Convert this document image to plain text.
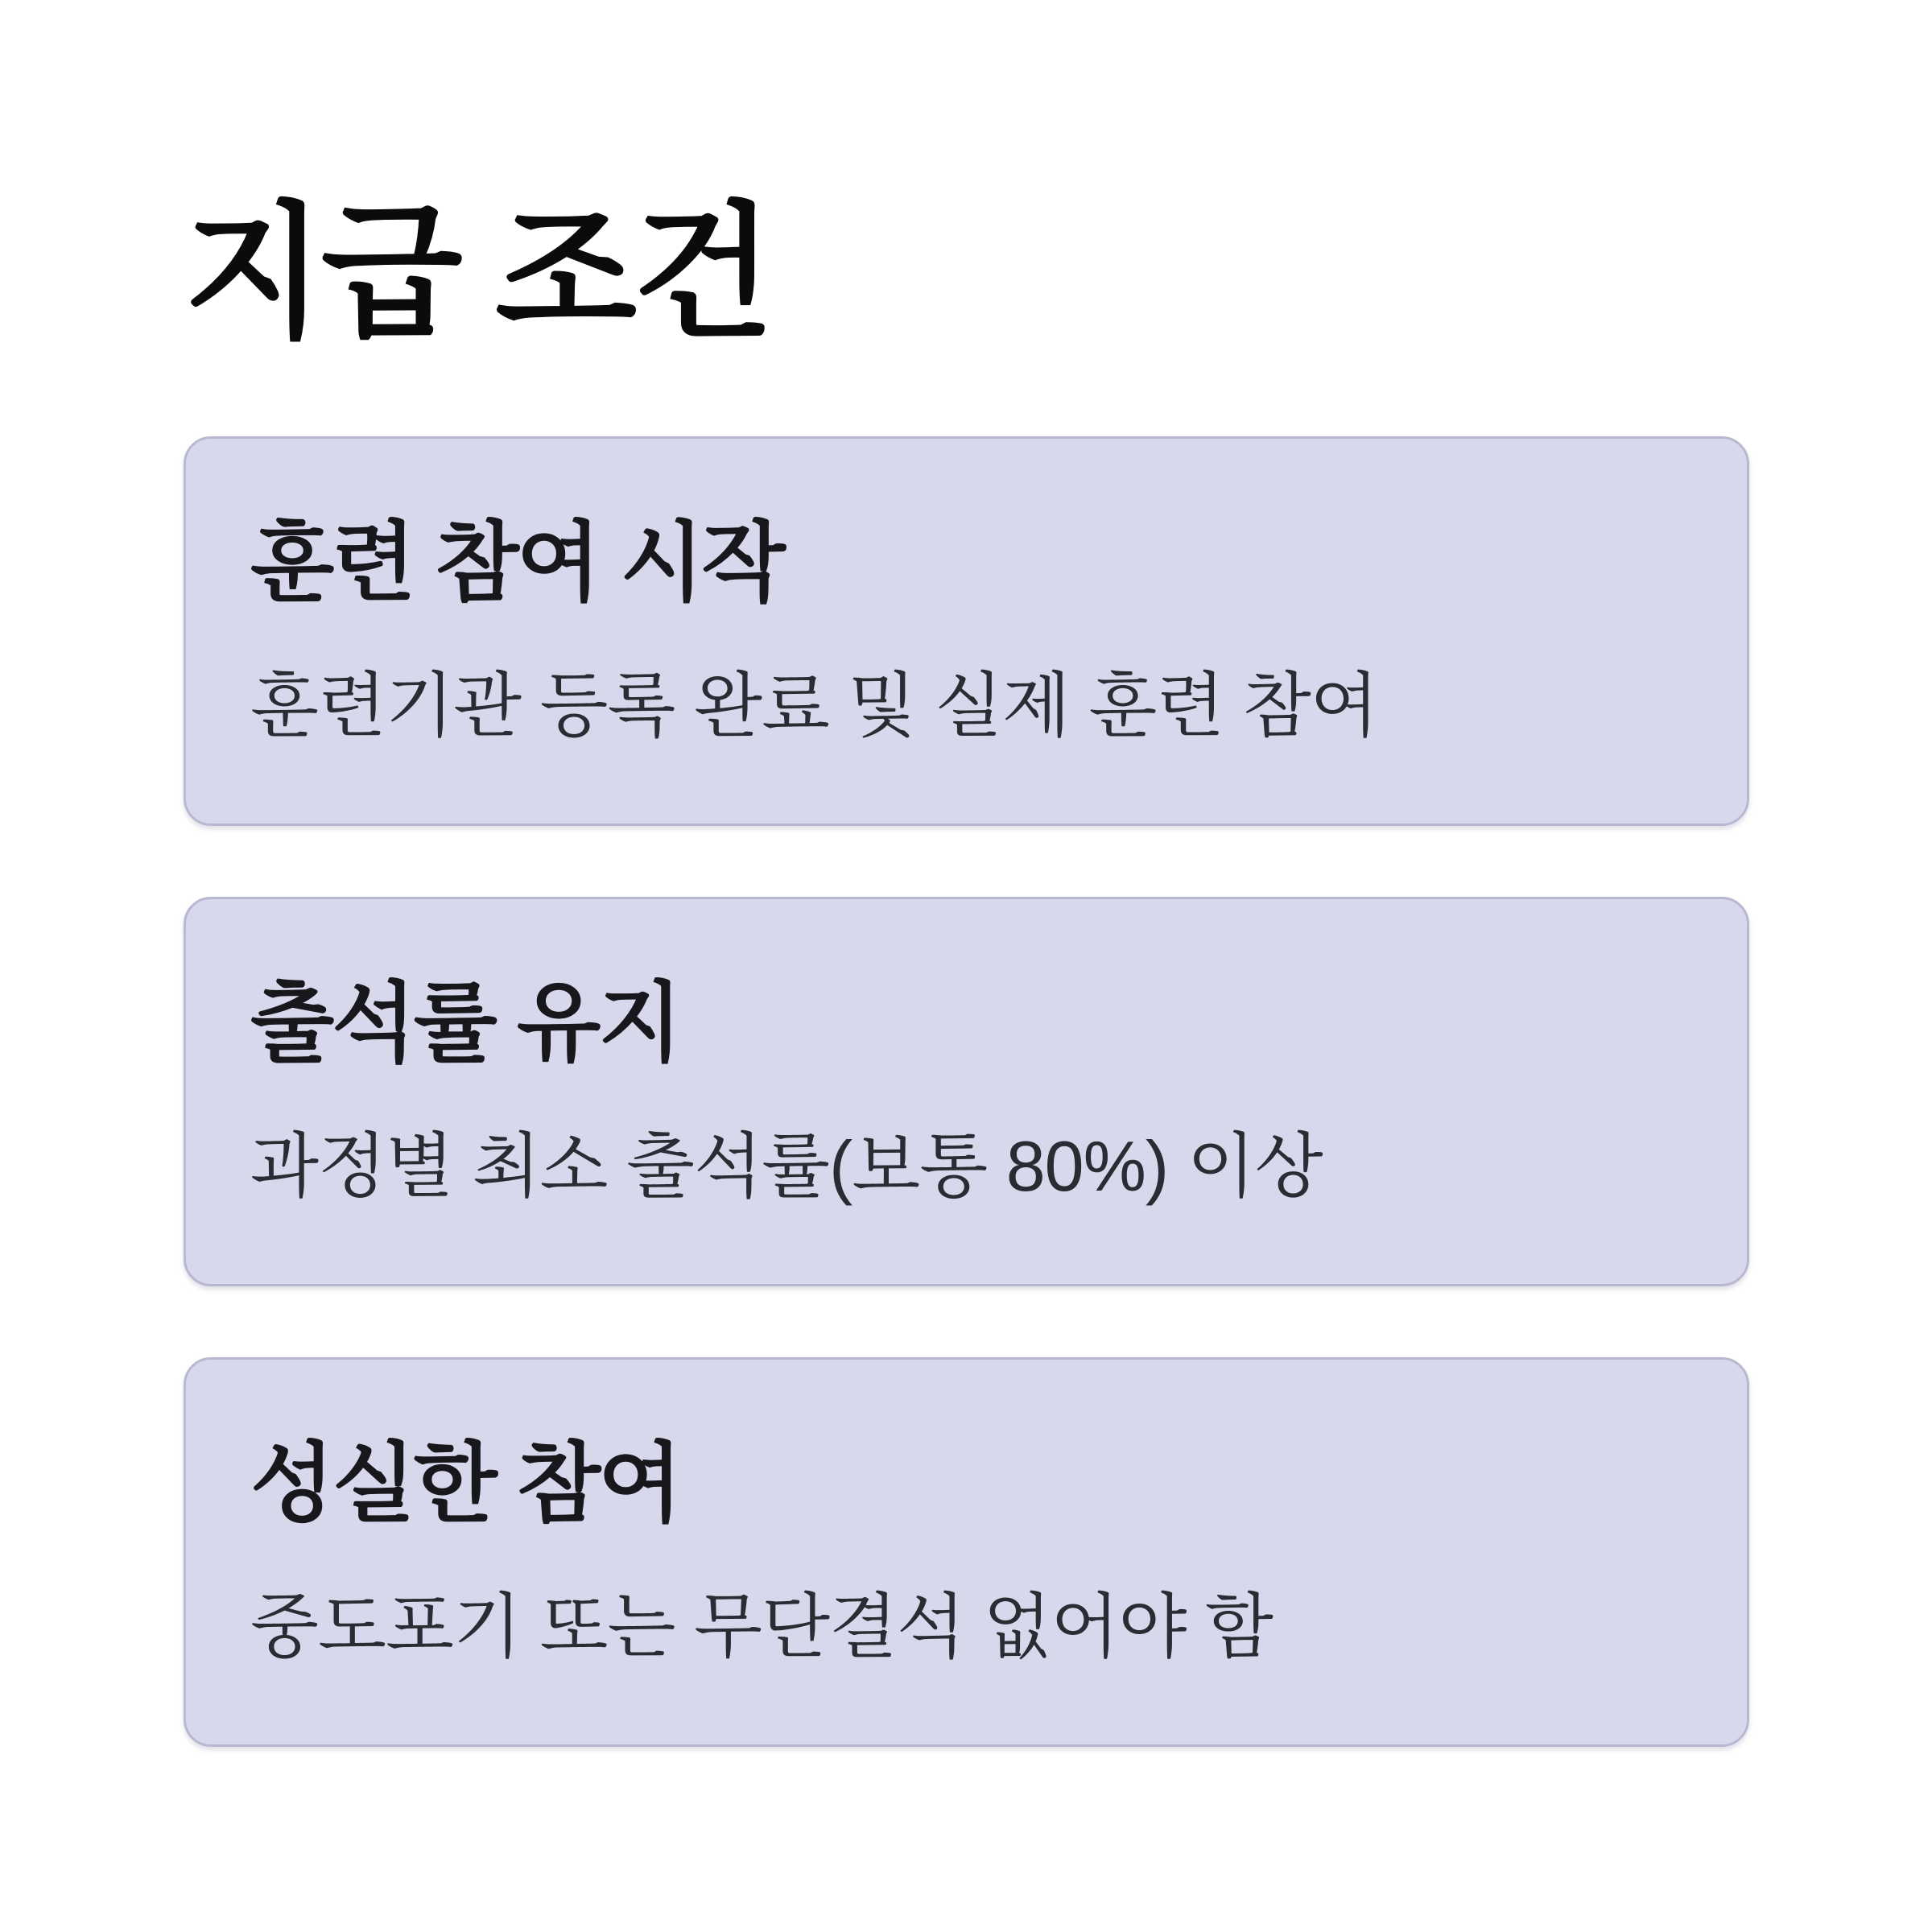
지급 조건
훈련 참여 시작

훈련기관 등록 완료 및 실제 훈련 참여

출석률 유지

과정별 최소 출석률(보통 80%) 이상

성실한 참여

중도포기 또는 무단결석 없어야 함
